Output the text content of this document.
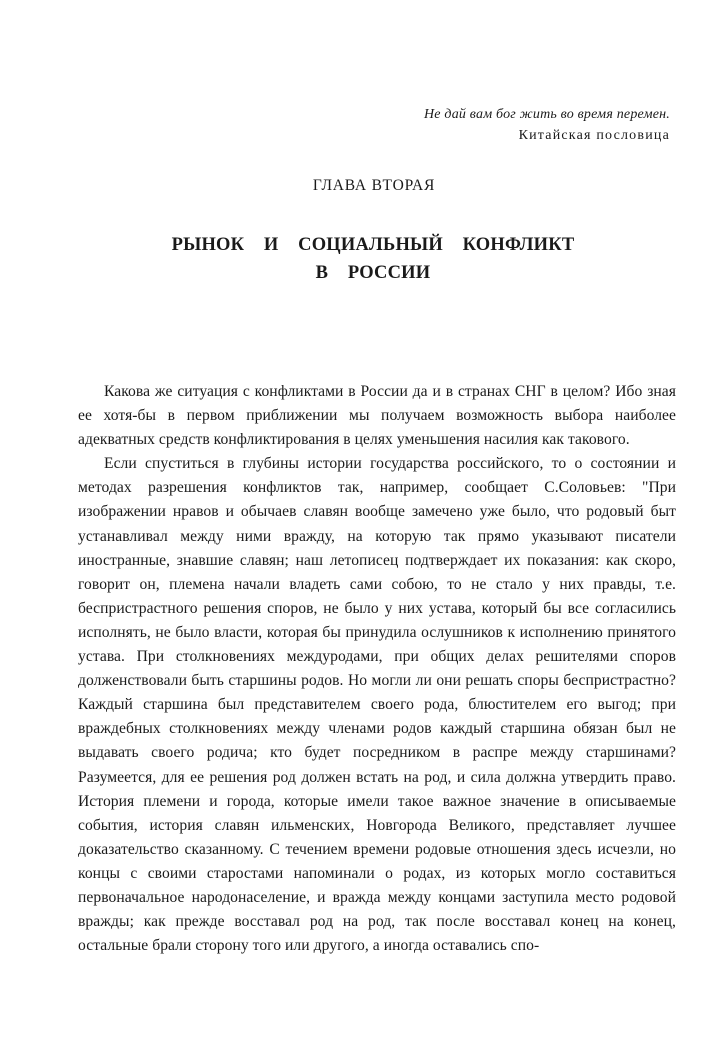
Не дай вам бог жить во время перемен.
Китайская пословица
ГЛАВА ВТОРАЯ
РЫНОК  И  СОЦИАЛЬНЫЙ  КОНФЛИКТ
В  РОССИИ

Какова же ситуация с конфликтами в России да и в странах СНГ в целом? Ибо зная ее хотя-бы в первом приближении мы получаем возможность выбора наиболее адекватных средств конфликтирования в целях уменьшения насилия как такового.

Если спуститься в глубины истории государства российского, то о состоянии и методах разрешения конфликтов так, например, сообщает С.Соловьев: "При изображении нравов и обычаев славян вообще замечено уже было, что родовый быт устанавливал между ними вражду, на которую так прямо указывают писатели иностранные, знавшие славян; наш летописец подтверждает их показания: как скоро, говорит он, племена начали владеть сами собою, то не стало у них правды, т.е. беспристрастного решения споров, не было у них устава, который бы все согласились исполнять, не было власти, которая бы принудила ослушников к исполнению принятого устава. При столкновениях междуродами, при общих делах решителями споров долженствовали быть старшины родов. Но могли ли они решать споры беспристрастно? Каждый старшина был представителем своего рода, блюстителем его выгод; при враждебных столкновениях между членами родов каждый старшина обязан был не выдавать своего родича; кто будет посредником в распре между старшинами? Разумеется, для ее решения род должен встать на род, и сила должна утвердить право. История племени и города, которые имели такое важное значение в описываемые события, история славян ильменских, Новгорода Великого, представляет лучшее доказательство сказанному. С течением времени родовые отношения здесь исчезли, но концы с своими старостами напоминали о родах, из которых могло составиться первоначальное народонаселение, и вражда между концами заступила место родовой вражды; как прежде восставал род на род, так после восставал конец на конец, остальные брали сторону того или другого, а иногда оставались спо-
